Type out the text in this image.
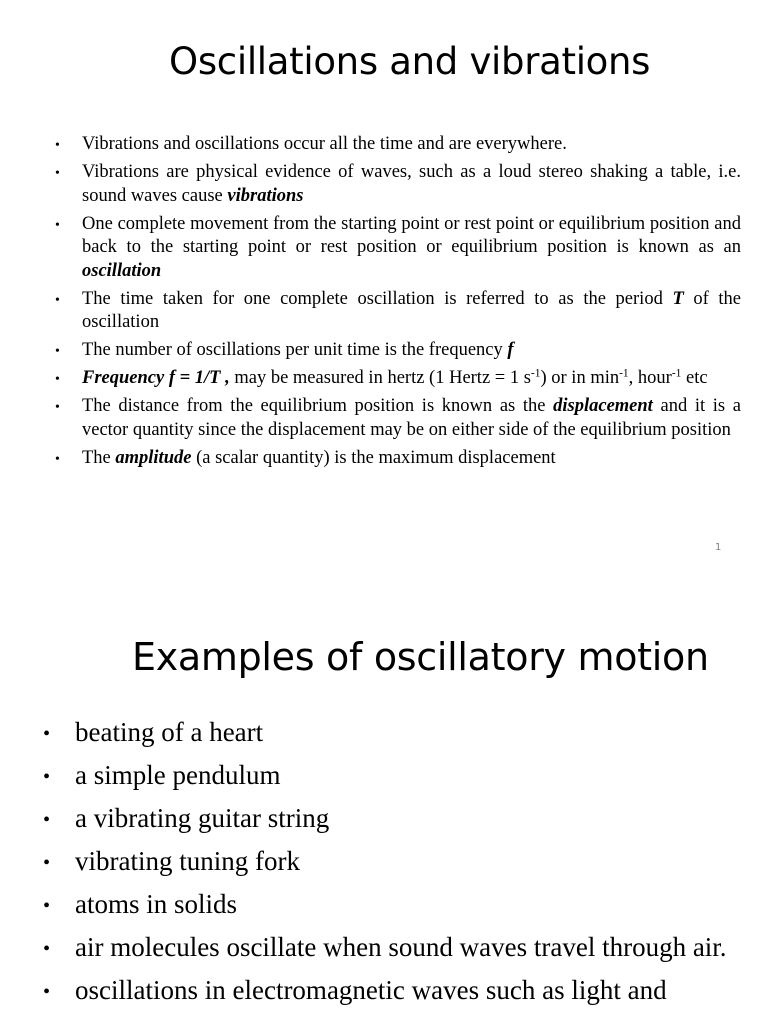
Oscillations and vibrations
• Vibrations and oscillations occur all the time and are everywhere.
• Vibrations are physical evidence of waves, such as a loud stereo shaking a table, i.e. sound waves cause vibrations
• One complete movement from the starting point or rest point or equilibrium position and back to the starting point or rest position or equilibrium position is known as an oscillation
• The time taken for one complete oscillation is referred to as the period T of the oscillation
• The number of oscillations per unit time is the frequency f
• Frequency f = 1/T , may be measured in hertz (1 Hertz = 1 $s^{-1}$) or in $\min^{-1}$, hour$^{-1}$ etc
• The distance from the equilibrium position is known as the displacement and it is a vector quantity since the displacement may be on either side of the equilibrium position
• The amplitude (a scalar quantity) is the maximum displacement
1
Examples of oscillatory motion
• beating of a heart
• a simple pendulum
• a vibrating guitar string
• vibrating tuning fork
• atoms in solids
• air molecules oscillate when sound waves travel through air.
• oscillations in electromagnetic waves such as light and
